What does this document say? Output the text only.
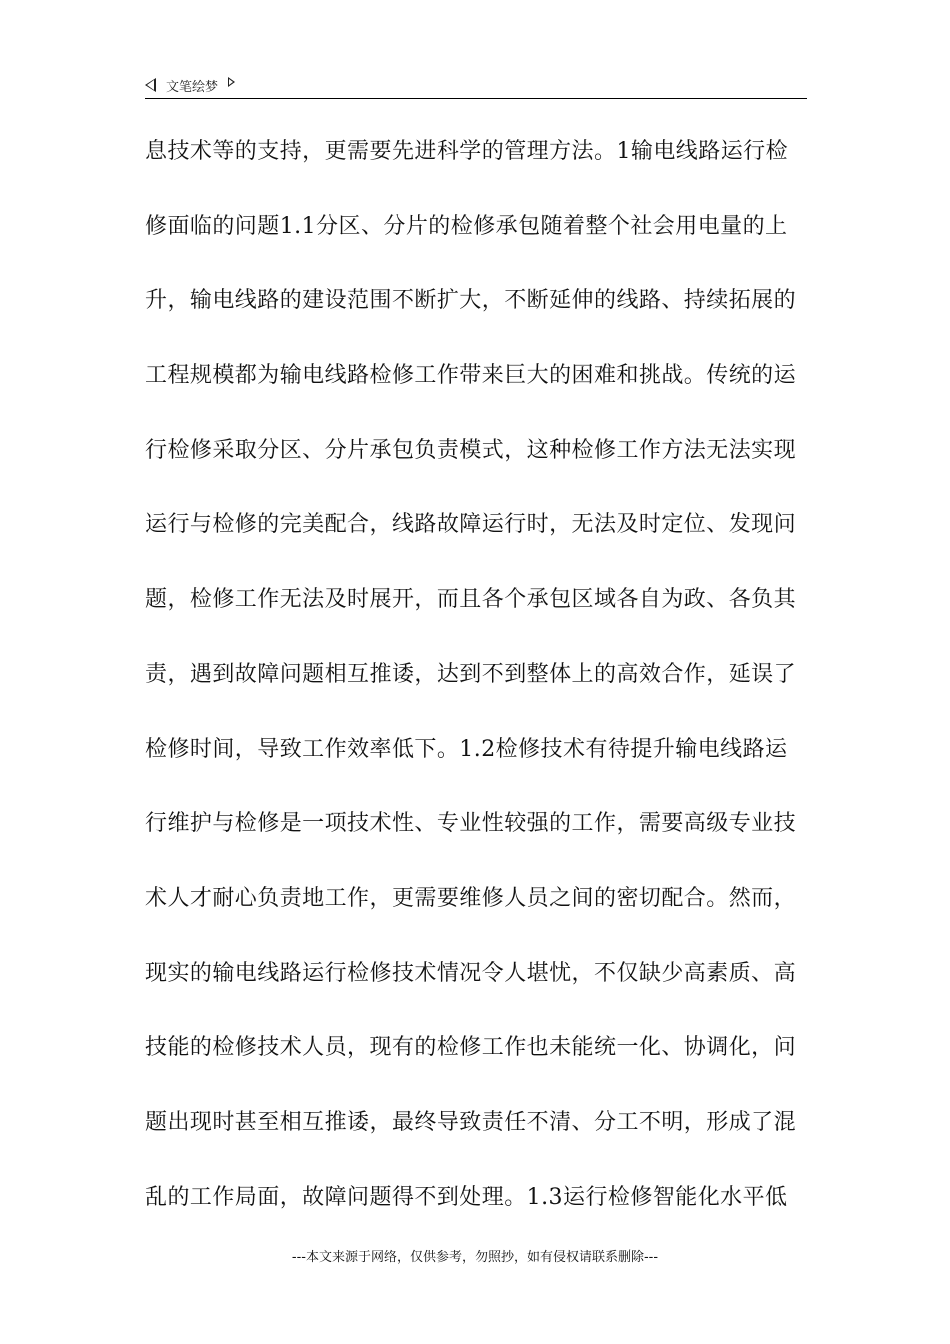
文笔绘梦
息技术等的支持，更需要先进科学的管理方法。1输电线路运行检
修面临的问题1.1分区、分片的检修承包随着整个社会用电量的上
升，输电线路的建设范围不断扩大，不断延伸的线路、持续拓展的
工程规模都为输电线路检修工作带来巨大的困难和挑战。传统的运
行检修采取分区、分片承包负责模式，这种检修工作方法无法实现
运行与检修的完美配合，线路故障运行时，无法及时定位、发现问
题，检修工作无法及时展开，而且各个承包区域各自为政、各负其
责，遇到故障问题相互推诿，达到不到整体上的高效合作，延误了
检修时间，导致工作效率低下。1.2检修技术有待提升输电线路运
行维护与检修是一项技术性、专业性较强的工作，需要高级专业技
术人才耐心负责地工作，更需要维修人员之间的密切配合。然而，
现实的输电线路运行检修技术情况令人堪忧，不仅缺少高素质、高
技能的检修技术人员，现有的检修工作也未能统一化、协调化，问
题出现时甚至相互推诿，最终导致责任不清、分工不明，形成了混
乱的工作局面，故障问题得不到处理。1.3运行检修智能化水平低
---本文来源于网络，仅供参考，勿照抄，如有侵权请联系删除---
